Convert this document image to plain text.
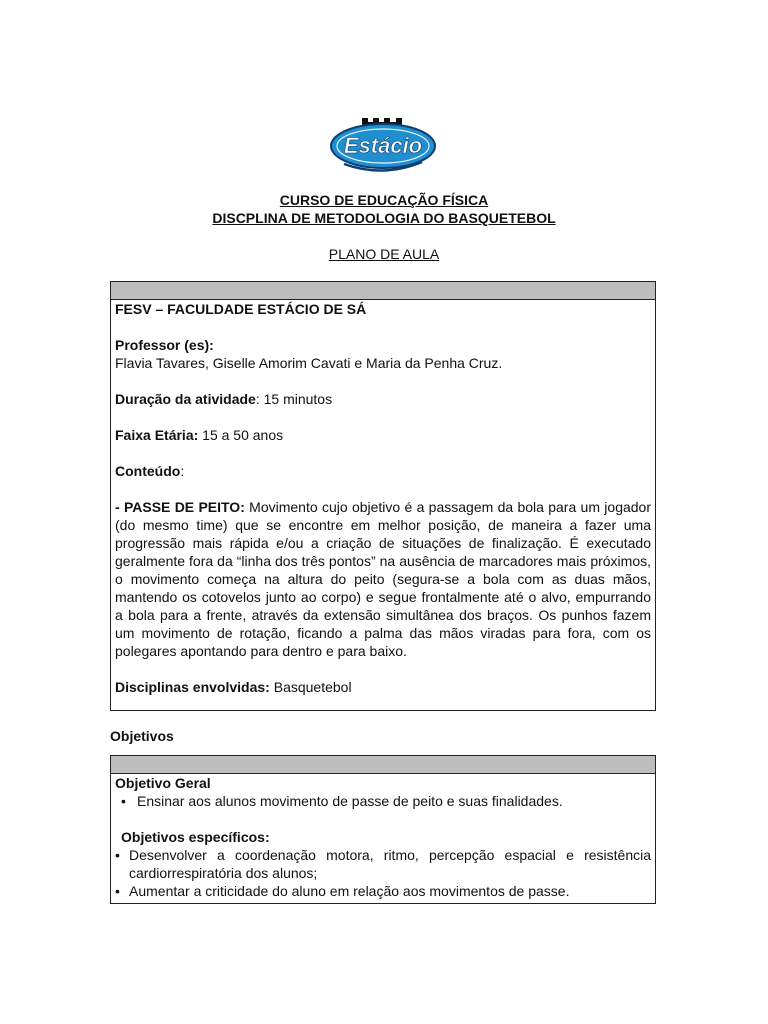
Estácio
CURSO DE EDUCAÇÃO FÍSICA
DISCPLINA DE METODOLOGIA DO BASQUETEBOL
PLANO DE AULA

FESV – FACULDADE ESTÁCIO DE SÁ

Professor (es):

Flavia Tavares, Giselle Amorim Cavati e Maria da Penha Cruz.

Duração da atividade: 15 minutos

Faixa Etária: 15 a 50 anos

Conteúdo:

- PASSE DE PEITO: Movimento cujo objetivo é a passagem da bola para um jogador (do mesmo time) que se encontre em melhor posição, de maneira a fazer uma progressão mais rápida e/ou a criação de situações de finalização. É executado geralmente fora da “linha dos três pontos” na ausência de marcadores mais próximos, o movimento começa na altura do peito (segura-se a bola com as duas mãos, mantendo os cotovelos junto ao corpo) e segue frontalmente até o alvo, empurrando a bola para a frente, através da extensão simultânea dos braços. Os punhos fazem um movimento de rotação, ficando a palma das mãos viradas para fora, com os polegares apontando para dentro e para baixo.

Disciplinas envolvidas: Basquetebol

Objetivos

Objetivo Geral

• Ensinar aos alunos movimento de passe de peito e suas finalidades.

Objetivos específicos:

• Desenvolver a coordenação motora, ritmo, percepção espacial e resistência cardiorrespiratória dos alunos;
• Aumentar a criticidade do aluno em relação aos movimentos de passe.
